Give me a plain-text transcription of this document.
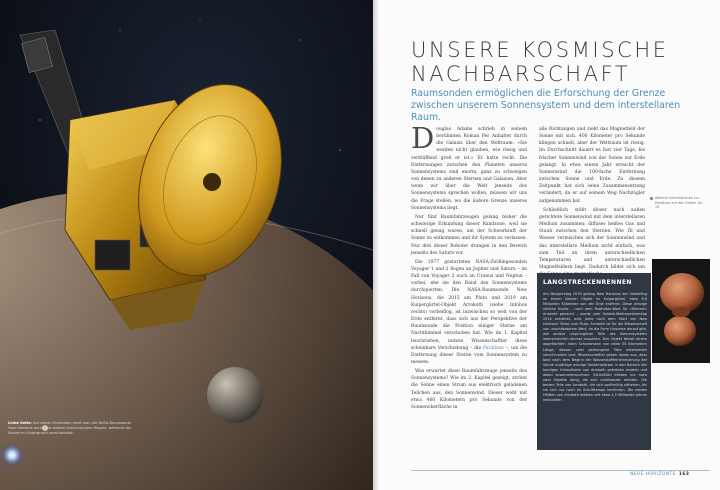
Linke Seite: Auf dieser Illustration sieht man die NASA-Raumsonde New Horizons durch das äußere Sonnensystem fliegen, während die Sonne im Hintergrund verschwindet.
UNSERE KOSMISCHE
NACHBARSCHAFT
Raumsonden ermöglichen die Erforschung der Grenze zwischen unserem Sonnensystem und dem interstellaren Raum.

Douglas Adams schrieb in seinem berühmten Roman Per Anhalter durch die Galaxis über den Weltraum: »Sie werden nicht glauben, wie riesig und verblüffend groß er ist.« Er hatte recht. Die Entfernungen zwischen den Planeten unseres Sonnensystems sind enorm, ganz zu schweigen von denen zu anderen Sternen und Galaxien. Aber wenn wir über die Welt jenseits des Sonnensystems sprechen wollen, müssen wir uns die Frage stellen, wo die äußere Grenze unseres Sonnensystems liegt.

Nur fünf Raumfahrzeugen gelang bisher die schwierige Erkundung dieser Randzone, weil sie schnell genug waren, um der Schwerkraft der Sonne zu entkommen und ihr System zu verlassen. Nur drei dieser Roboter drangen in den Bereich jenseits des Saturn vor.

Die 1977 gestarteten NASA-Zwillingssonden Voyager 1 und 2 flogen an Jupiter und Saturn – im Fall von Voyager 2 auch an Uranus und Neptun – vorbei, ehe sie den Rand des Sonnensystems durchquerten. Die NASA-Raumsonde New Horizons, die 2015 am Pluto und 2019 am Kuipergürtel-Objekt Arrokoth (siehe Infobox rechts) vorbeiflog, ist inzwischen so weit von der Erde entfernt, dass sich aus der Perspektive der Raumsonde die Position einiger Sterne am Nachthimmel verschoben hat. Wie im 1. Kapitel beschrieben, nutzen Wissenschaftler diese scheinbare Verschiebung – die Parallaxe –, um die Entfernung dieser Sterne vom Sonnensystem zu messen.

Was erwartet diese Raumfahrzeuge jenseits des Sonnensystems? Wie im 2. Kapitel gezeigt, strömt die Sonne einen Strom aus elektrisch geladenen Teilchen aus, den Sonnenwind. Dieser weht mit etwa 400 Kilometern pro Sekunde von der Sonnenoberfläche in

alle Richtungen und zieht das Magnetfeld der Sonne mit sich. 400 Kilometer pro Sekunde klingen schnell, aber der Weltraum ist riesig. Im Durchschnitt dauert es fast vier Tage, bis frischer Sonnenwind von der Sonne zur Erde gelangt. In etwa einem Jahr erreicht der Sonnenwind die 100-fache Entfernung zwischen Sonne und Erde. Zu diesem Zeitpunkt hat sich seine Zusammensetzung verändert, da er auf seinem Weg Nachzügler aufgenommen hat.

Schließlich stößt dieser nach außen gerichtete Sonnenwind mit dem interstellaren Medium zusammen: diffuses heißes Gas und Staub zwischen den Sternen. Wie Öl und Wasser vermischen sich der Sonnenwind und das interstellare Medium nicht einfach, was zum Teil an ihren unterschiedlichen Temperaturen und unterschiedlichen Magnetfeldern liegt. Dadurch bildet sich um

Weitere Informationen zur Parallaxe auf den Seiten 18–19
LANGSTRECKENRENNEN
Am Neujahrstag 2019 gelang New Horizons der Vorbeiflug an einem kleinen Objekt im Kuipergürtel, etwa 6,6 Milliarden Kilometer von der Erde entfernt. Diese winzige rötliche Knolle – nach dem Powhatan-Wort für »Himmel« Arrokoth genannt – wurde vom Hubble-Weltraumteleskop 2014 entdeckt, acht Jahre nach dem Start von New Horizons’ Reise zum Pluto. Arrokoth ist für die Wissenschaft von unschätzbarem Wert, da die Form Hinweise darauf gibt, wie andere ursprüngliche Teile des Sonnensystems wahrscheinlich einmal aussahen. Das Objekt ähnelt einem abgeflachten roten Schneemann von etwa 35 Kilometern Länge, dessen zwei gedrungene Teile miteinander verschmolzen sind. Wissenschaftler gehen davon aus, dass bald nach dem Beginn der Wasserstofffeinerneuerung der Sonne unzählige winzige Gesteinskörper in den Bereich der heutigen Umlaufbahn von Arrokoth getrieben wurden und dabei zusammenwuchsen. Schließlich blieben nur noch zwei Objekte übrig, die sich umeinander drehten. Die beiden Teile von Arrokoth, die sich sanftmütig näherten, bis sie sich nur noch im Schritttempo berührten. Die beiden Hälften von Arrokoth bleiben seit etwa 4,5 Milliarden Jahren verbunden.
NEUE HORIZONTE 163
